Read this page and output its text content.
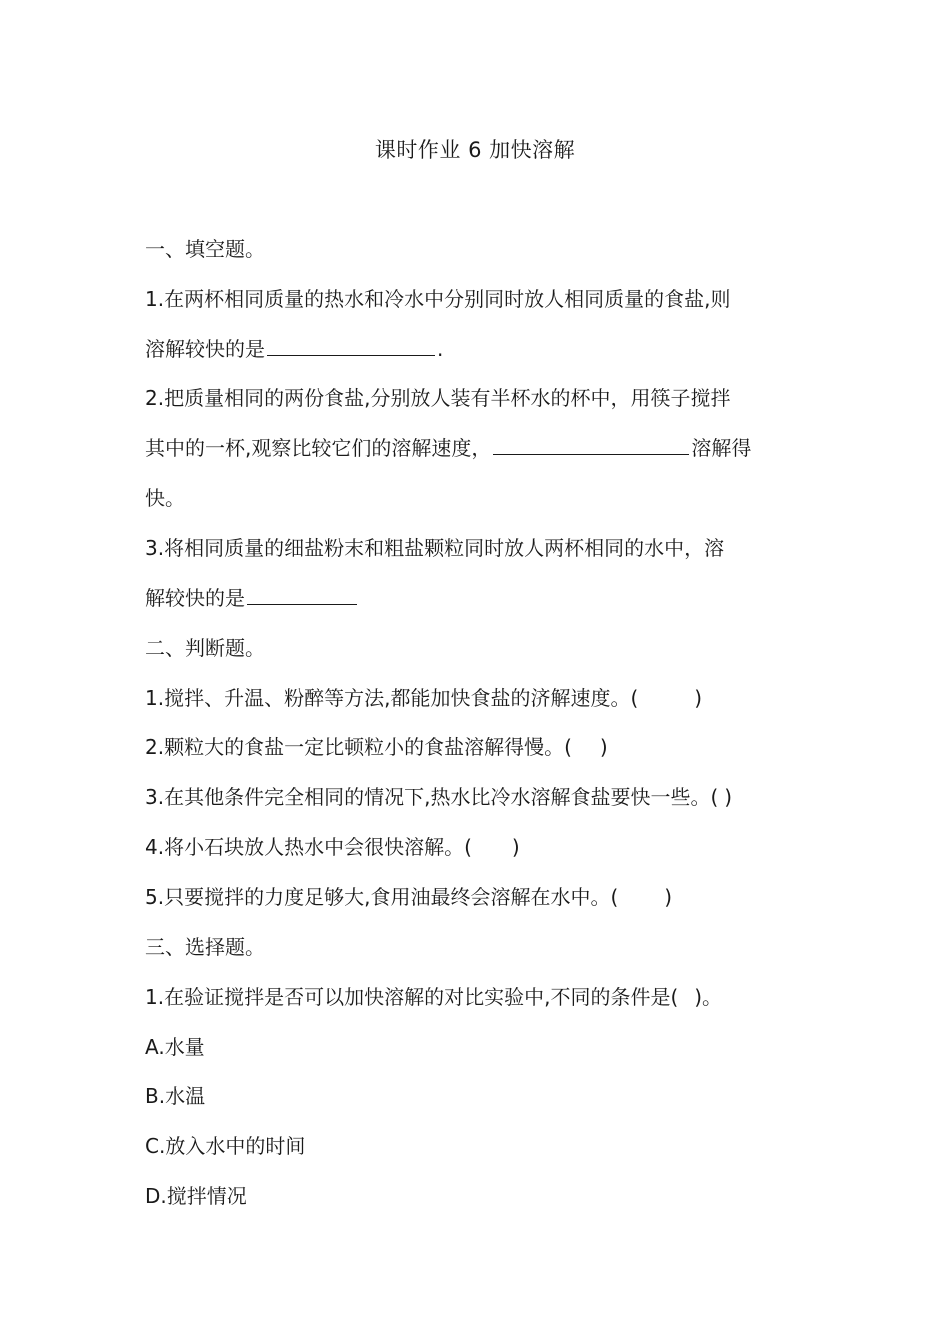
课时作业 6 加快溶解
一、填空题。
1.在两杯相同质量的热水和冷水中分别同时放人相同质量的食盐,则
溶解较快的是	.
2.把质量相同的两份食盐,分别放人装有半杯水的杯中，用筷子搅拌
其中的一杯,观察比较它们的溶解速度，	溶解得
快。
3.将相同质量的细盐粉末和粗盐颗粒同时放人两杯相同的水中，溶
解较快的是
二、判断题。
1.搅拌、升温、粉醉等方法,都能加快食盐的济解速度。(	)
2.颗粒大的食盐一定比顿粒小的食盐溶解得慢。( )
3.在其他条件完全相同的情况下,热水比冷水溶解食盐要快一些。( )
4.将小石块放人热水中会很快溶解。( )
5.只要搅拌的力度足够大,食用油最终会溶解在水中。( )
三、选择题。
1.在验证搅拌是否可以加快溶解的对比实验中,不同的条件是( )。
A.水量
B.水温
C.放入水中的时间
D.搅拌情况
